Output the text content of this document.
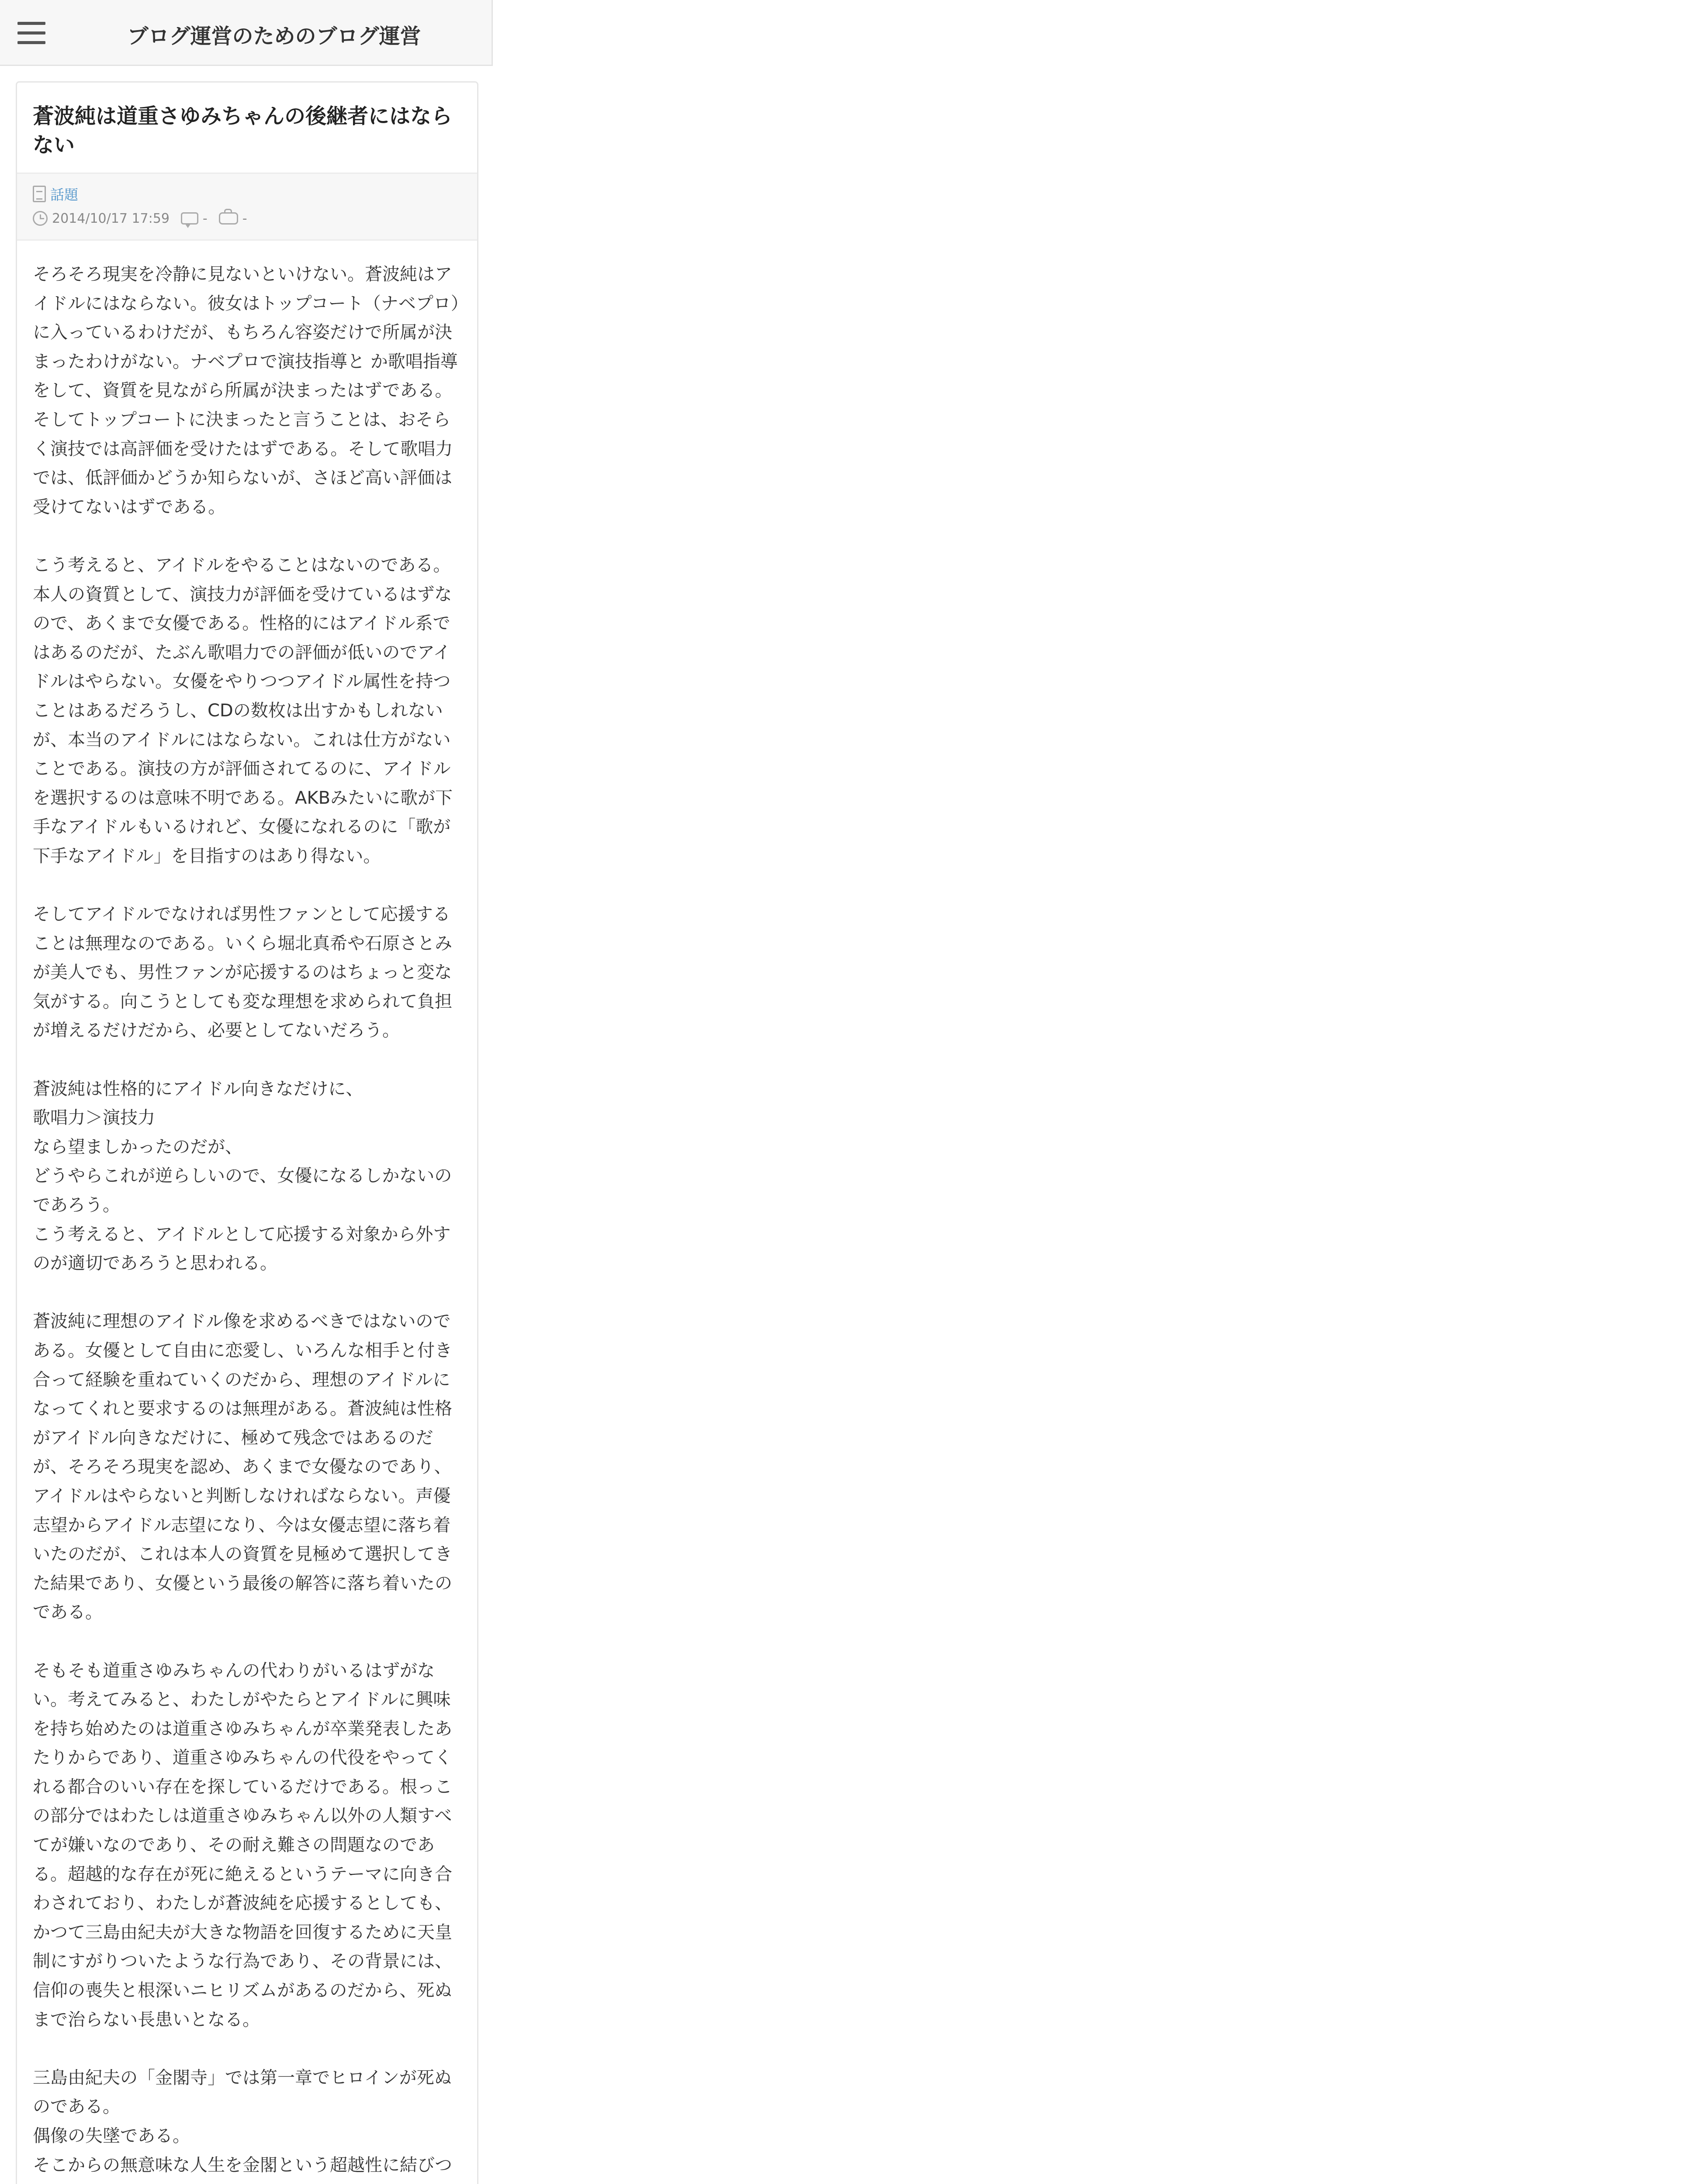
ブログ運営のためのブログ運営
蒼波純は道重さゆみちゃんの後継者にはならない
話題
2014/10/17 17:59	-	-

そろそろ現実を冷静に見ないといけない。蒼波純はアイドルにはならない。彼女はトップコート（ナベプロ）に入っているわけだが、もちろん容姿だけで所属が決まったわけがない。ナベプロで演技指導と か歌唱指導をして、資質を見ながら所属が決まったはずである。そしてトップコートに決まったと言うことは、おそらく演技では高評価を受けたはずである。そして歌唱力では、低評価かどうか知らないが、さほど高い評価は受けてないはずである。

こう考えると、アイドルをやることはないのである。本人の資質として、演技力が評価を受けているはずなので、あくまで女優である。性格的にはアイドル系ではあるのだが、たぶん歌唱力での評価が低いのでアイドルはやらない。女優をやりつつアイドル属性を持つことはあるだろうし、CDの数枚は出すかもしれないが、本当のアイドルにはならない。これは仕方がないことである。演技の方が評価されてるのに、アイドルを選択するのは意味不明である。AKBみたいに歌が下手なアイドルもいるけれど、女優になれるのに「歌が下手なアイドル」を目指すのはあり得ない。

そしてアイドルでなければ男性ファンとして応援することは無理なのである。いくら堀北真希や石原さとみが美人でも、男性ファンが応援するのはちょっと変な気がする。向こうとしても変な理想を求められて負担が増えるだけだから、必要としてないだろう。

蒼波純は性格的にアイドル向きなだけに、
歌唱力＞演技力
なら望ましかったのだが、
どうやらこれが逆らしいので、女優になるしかないのであろう。
こう考えると、アイドルとして応援する対象から外すのが適切であろうと思われる。

蒼波純に理想のアイドル像を求めるべきではないのである。女優として自由に恋愛し、いろんな相手と付き合って経験を重ねていくのだから、理想のアイドルになってくれと要求するのは無理がある。蒼波純は性格がアイドル向きなだけに、極めて残念ではあるのだが、そろそろ現実を認め、あくまで女優なのであり、アイドルはやらないと判断しなければならない。声優志望からアイドル志望になり、今は女優志望に落ち着いたのだが、これは本人の資質を見極めて選択してきた結果であり、女優という最後の解答に落ち着いたのである。

そもそも道重さゆみちゃんの代わりがいるはずがない。考えてみると、わたしがやたらとアイドルに興味を持ち始めたのは道重さゆみちゃんが卒業発表したあたりからであり、道重さゆみちゃんの代役をやってくれる都合のいい存在を探しているだけである。根っこの部分ではわたしは道重さゆみちゃん以外の人類すべてが嫌いなのであり、その耐え難さの問題なのである。超越的な存在が死に絶えるというテーマに向き合わされており、わたしが蒼波純を応援するとしても、かつて三島由紀夫が大きな物語を回復するために天皇制にすがりついたような行為であり、その背景には、信仰の喪失と根深いニヒリズムがあるのだから、死ぬまで治らない長患いとなる。

三島由紀夫の「金閣寺」では第一章でヒロインが死ぬのである。
偶像の失墜である。
そこからの無意味な人生を金閣という超越性に結びつ
